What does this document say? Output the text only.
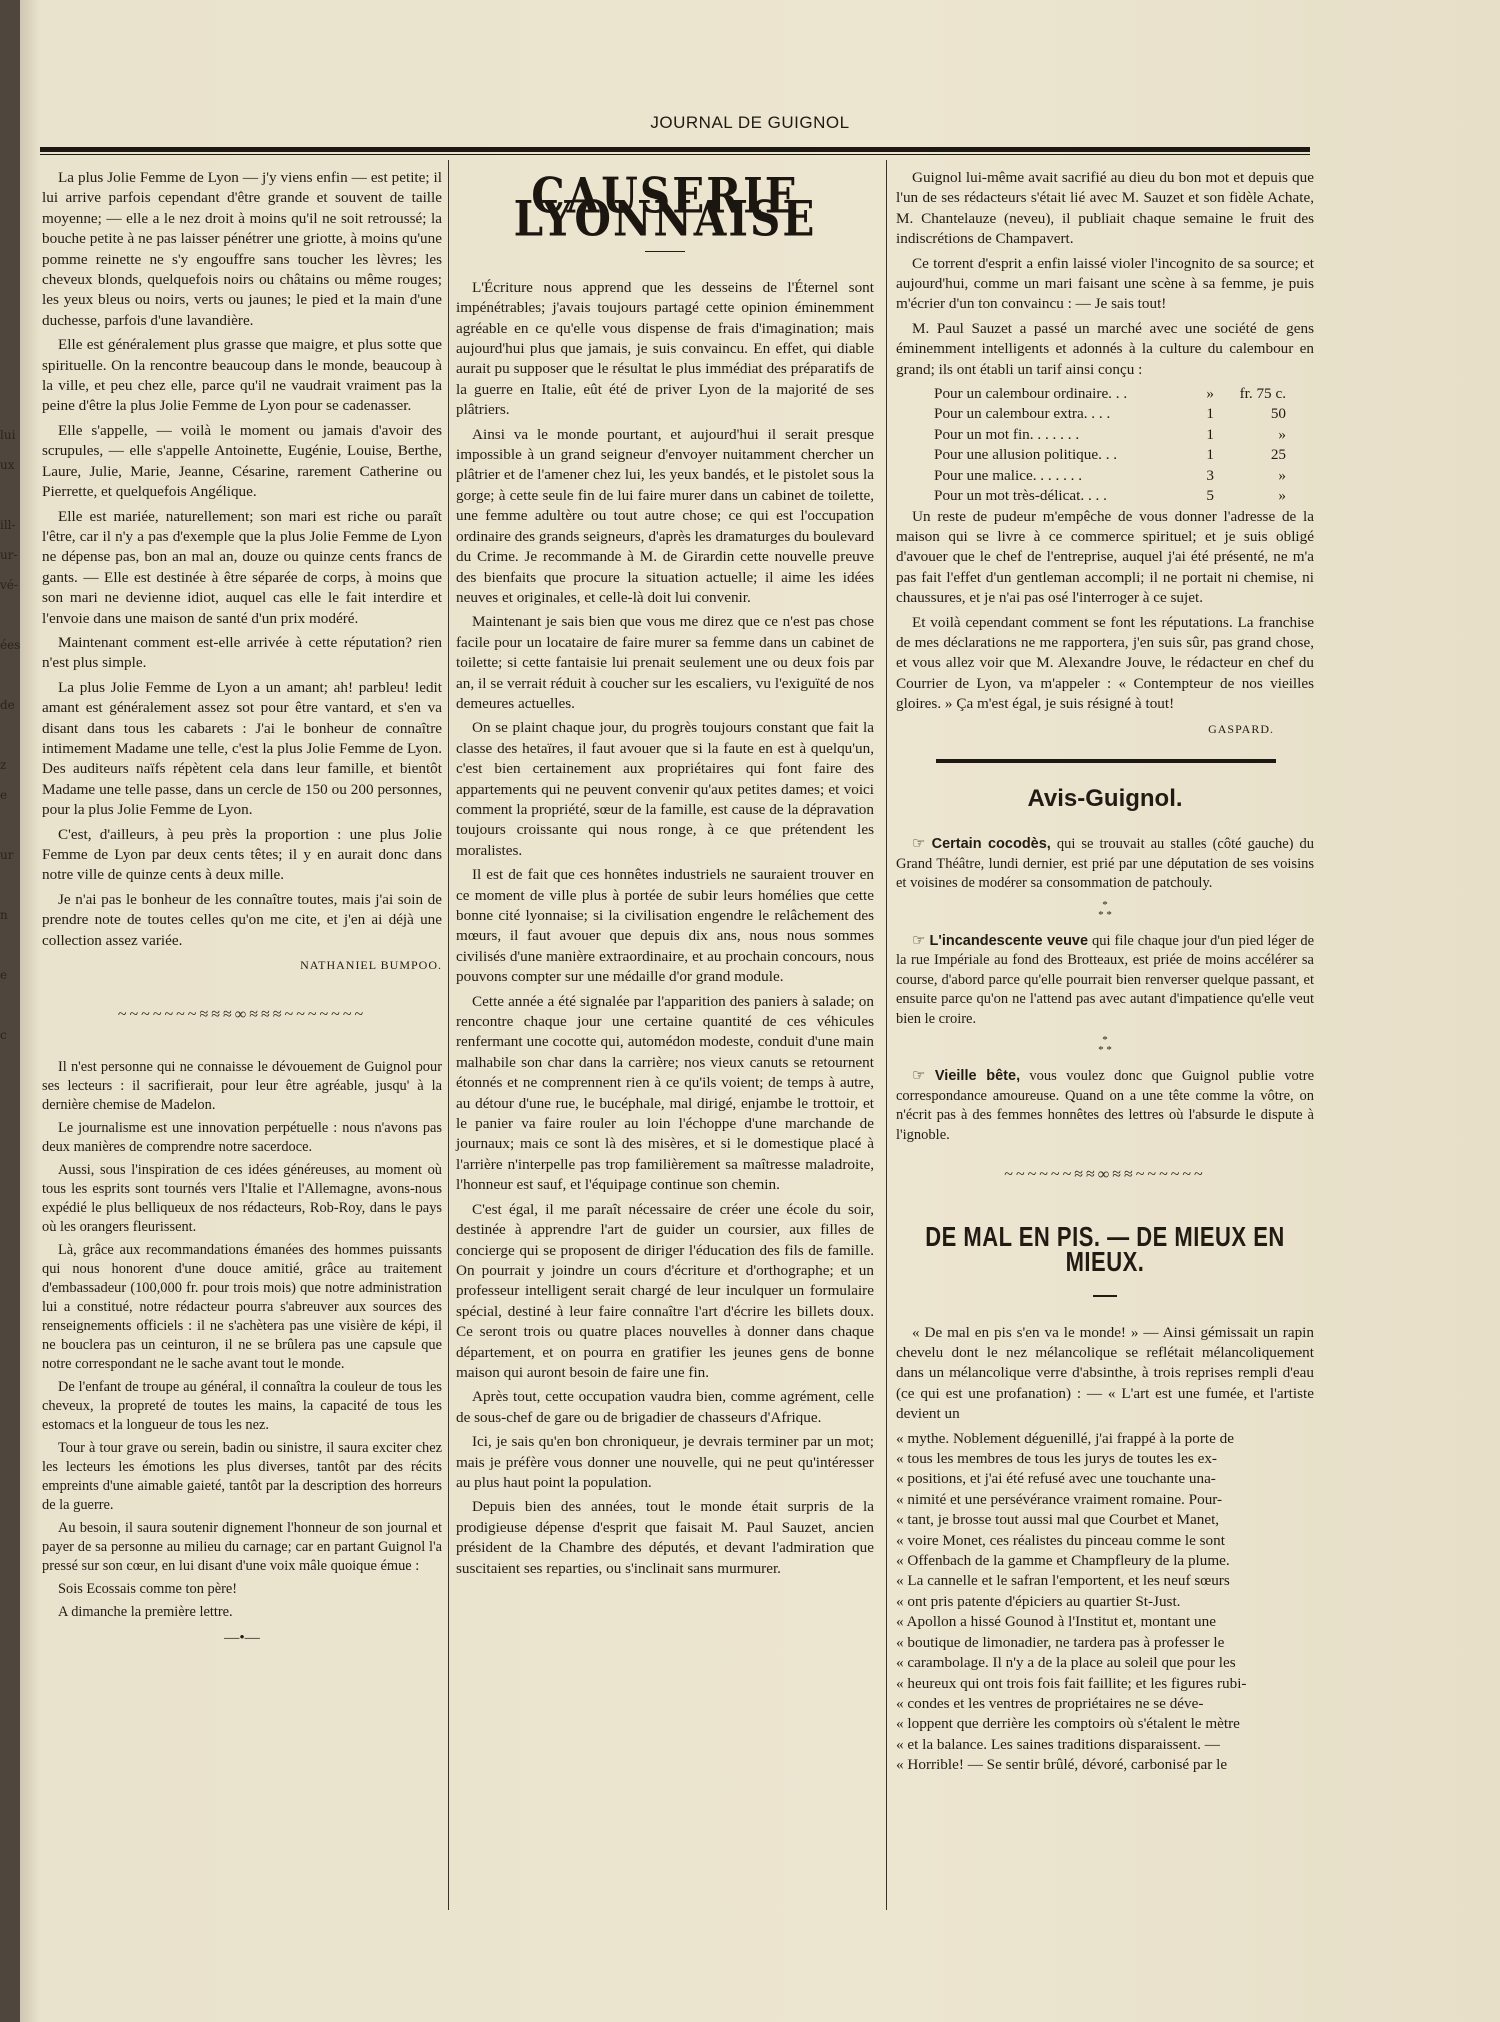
lui
ux

ill-
ur-
vé-

ées

de

z
e

ur

n

e

c
JOURNAL DE GUIGNOL

La plus Jolie Femme de Lyon — j'y viens enfin — est petite; il lui arrive parfois cependant d'être grande et souvent de taille moyenne; — elle a le nez droit à moins qu'il ne soit retroussé; la bouche petite à ne pas laisser pénétrer une griotte, à moins qu'une pomme reinette ne s'y engouffre sans toucher les lèvres; les cheveux blonds, quelquefois noirs ou châtains ou même rouges; les yeux bleus ou noirs, verts ou jaunes; le pied et la main d'une duchesse, parfois d'une lavandière.

Elle est généralement plus grasse que maigre, et plus sotte que spirituelle. On la rencontre beaucoup dans le monde, beaucoup à la ville, et peu chez elle, parce qu'il ne vaudrait vraiment pas la peine d'être la plus Jolie Femme de Lyon pour se cadenasser.

Elle s'appelle, — voilà le moment ou jamais d'avoir des scrupules, — elle s'appelle Antoinette, Eugénie, Louise, Berthe, Laure, Julie, Marie, Jeanne, Césarine, rarement Catherine ou Pierrette, et quelquefois Angélique.

Elle est mariée, naturellement; son mari est riche ou paraît l'être, car il n'y a pas d'exemple que la plus Jolie Femme de Lyon ne dépense pas, bon an mal an, douze ou quinze cents francs de gants. — Elle est destinée à être séparée de corps, à moins que son mari ne devienne idiot, auquel cas elle le fait interdire et l'envoie dans une maison de santé d'un prix modéré.

Maintenant comment est-elle arrivée à cette réputation? rien n'est plus simple.

La plus Jolie Femme de Lyon a un amant; ah! parbleu! ledit amant est généralement assez sot pour être vantard, et s'en va disant dans tous les cabarets : J'ai le bonheur de connaître intimement Madame une telle, c'est la plus Jolie Femme de Lyon. Des auditeurs naïfs répètent cela dans leur famille, et bientôt Madame une telle passe, dans un cercle de 150 ou 200 personnes, pour la plus Jolie Femme de Lyon.

C'est, d'ailleurs, à peu près la proportion : une plus Jolie Femme de Lyon par deux cents têtes; il y en aurait donc dans notre ville de quinze cents à deux mille.

Je n'ai pas le bonheur de les connaître toutes, mais j'ai soin de prendre note de toutes celles qu'on me cite, et j'en ai déjà une collection assez variée.

NATHANIEL BUMPOO.
~~~~~~~≈≈≈∞≈≈≈~~~~~~~

Il n'est personne qui ne connaisse le dévouement de Guignol pour ses lecteurs : il sacrifierait, pour leur être agréable, jusqu' à la dernière chemise de Madelon.

Le journalisme est une innovation perpétuelle : nous n'avons pas deux manières de comprendre notre sacerdoce.

Aussi, sous l'inspiration de ces idées généreuses, au moment où tous les esprits sont tournés vers l'Italie et l'Allemagne, avons-nous expédié le plus belliqueux de nos rédacteurs, Rob-Roy, dans le pays où les orangers fleurissent.

Là, grâce aux recommandations émanées des hommes puissants qui nous honorent d'une douce amitié, grâce au traitement d'embassadeur (100,000 fr. pour trois mois) que notre administration lui a constitué, notre rédacteur pourra s'abreuver aux sources des renseignements officiels : il ne s'achètera pas une visière de képi, il ne bouclera pas un ceinturon, il ne se brûlera pas une capsule que notre correspondant ne le sache avant tout le monde.

De l'enfant de troupe au général, il connaîtra la couleur de tous les cheveux, la propreté de toutes les mains, la capacité de tous les estomacs et la longueur de tous les nez.

Tour à tour grave ou serein, badin ou sinistre, il saura exciter chez les lecteurs les émotions les plus diverses, tantôt par des récits empreints d'une aimable gaieté, tantôt par la description des horreurs de la guerre.

Au besoin, il saura soutenir dignement l'honneur de son journal et payer de sa personne au milieu du carnage; car en partant Guignol l'a pressé sur son cœur, en lui disant d'une voix mâle quoique émue :

Sois Ecossais comme ton père!

A dimanche la première lettre.

—•—
CAUSERIE LYONNAISE

L'Écriture nous apprend que les desseins de l'Éternel sont impénétrables; j'avais toujours partagé cette opinion éminemment agréable en ce qu'elle vous dispense de frais d'imagination; mais aujourd'hui plus que jamais, je suis convaincu. En effet, qui diable aurait pu supposer que le résultat le plus immédiat des préparatifs de la guerre en Italie, eût été de priver Lyon de la majorité de ses plâtriers.

Ainsi va le monde pourtant, et aujourd'hui il serait presque impossible à un grand seigneur d'envoyer nuitamment chercher un plâtrier et de l'amener chez lui, les yeux bandés, et le pistolet sous la gorge; à cette seule fin de lui faire murer dans un cabinet de toilette, une femme adultère ou tout autre chose; ce qui est l'occupation ordinaire des grands seigneurs, d'après les dramaturges du boulevard du Crime. Je recommande à M. de Girardin cette nouvelle preuve des bienfaits que procure la situation actuelle; il aime les idées neuves et originales, et celle-là doit lui convenir.

Maintenant je sais bien que vous me direz que ce n'est pas chose facile pour un locataire de faire murer sa femme dans un cabinet de toilette; si cette fantaisie lui prenait seulement une ou deux fois par an, il se verrait réduit à coucher sur les escaliers, vu l'exiguïté de nos demeures actuelles.

On se plaint chaque jour, du progrès toujours constant que fait la classe des hetaïres, il faut avouer que si la faute en est à quelqu'un, c'est bien certainement aux propriétaires qui font faire des appartements qui ne peuvent convenir qu'aux petites dames; et voici comment la propriété, sœur de la famille, est cause de la dépravation toujours croissante qui nous ronge, à ce que prétendent les moralistes.

Il est de fait que ces honnêtes industriels ne sauraient trouver en ce moment de ville plus à portée de subir leurs homélies que cette bonne cité lyonnaise; si la civilisation engendre le relâchement des mœurs, il faut avouer que depuis dix ans, nous nous sommes civilisés d'une manière extraordinaire, et au prochain concours, nous pouvons compter sur une médaille d'or grand module.

Cette année a été signalée par l'apparition des paniers à salade; on rencontre chaque jour une certaine quantité de ces véhicules renfermant une cocotte qui, automédon modeste, conduit d'une main malhabile son char dans la carrière; nos vieux canuts se retournent étonnés et ne comprennent rien à ce qu'ils voient; de temps à autre, au détour d'une rue, le bucéphale, mal dirigé, enjambe le trottoir, et le panier va faire rouler au loin l'échoppe d'une marchande de journaux; mais ce sont là des misères, et si le domestique placé à l'arrière n'interpelle pas trop familièrement sa maîtresse maladroite, l'honneur est sauf, et l'équipage continue son chemin.

C'est égal, il me paraît nécessaire de créer une école du soir, destinée à apprendre l'art de guider un coursier, aux filles de concierge qui se proposent de diriger l'éducation des fils de famille. On pourrait y joindre un cours d'écriture et d'orthographe; et un professeur intelligent serait chargé de leur inculquer un formulaire spécial, destiné à leur faire connaître l'art d'écrire les billets doux. Ce seront trois ou quatre places nouvelles à donner dans chaque département, et on pourra en gratifier les jeunes gens de bonne maison qui auront besoin de faire une fin.

Après tout, cette occupation vaudra bien, comme agrément, celle de sous-chef de gare ou de brigadier de chasseurs d'Afrique.

Ici, je sais qu'en bon chroniqueur, je devrais terminer par un mot; mais je préfère vous donner une nouvelle, qui ne peut qu'intéresser au plus haut point la population.

Depuis bien des années, tout le monde était surpris de la prodigieuse dépense d'esprit que faisait M. Paul Sauzet, ancien président de la Chambre des députés, et devant l'admiration que suscitaient ses reparties, ou s'inclinait sans murmurer.

Guignol lui-même avait sacrifié au dieu du bon mot et depuis que l'un de ses rédacteurs s'était lié avec M. Sauzet et son fidèle Achate, M. Chantelauze (neveu), il publiait chaque semaine le fruit des indiscrétions de Champavert.

Ce torrent d'esprit a enfin laissé violer l'incognito de sa source; et aujourd'hui, comme un mari faisant une scène à sa femme, je puis m'écrier d'un ton convaincu : — Je sais tout!

M. Paul Sauzet a passé un marché avec une société de gens éminemment intelligents et adonnés à la culture du calembour en grand; ils ont établi un tarif ainsi conçu :

Pour un calembour ordinaire. . .	»	fr. 75 c.
Pour un calembour extra. . . .	1	50
Pour un mot fin. . . . . . .	1	»
Pour une allusion politique. . .	1	25
Pour une malice. . . . . . .	3	»
Pour un mot très-délicat. . . .	5	»

Un reste de pudeur m'empêche de vous donner l'adresse de la maison qui se livre à ce commerce spirituel; et je suis obligé d'avouer que le chef de l'entreprise, auquel j'ai été présenté, ne m'a pas fait l'effet d'un gentleman accompli; il ne portait ni chemise, ni chaussures, et je n'ai pas osé l'interroger à ce sujet.

Et voilà cependant comment se font les réputations. La franchise de mes déclarations ne me rapportera, j'en suis sûr, pas grand chose, et vous allez voir que M. Alexandre Jouve, le rédacteur en chef du Courrier de Lyon, va m'appeler : « Contempteur de nos vieilles gloires. » Ça m'est égal, je suis résigné à tout!

GASPARD.
Avis-Guignol.

☞ Certain cocodès, qui se trouvait au stalles (côté gauche) du Grand Théâtre, lundi dernier, est prié par une députation de ses voisins et voisines de modérer sa consommation de patchouly.

*
* *

☞ L'incandescente veuve qui file chaque jour d'un pied léger de la rue Impériale au fond des Brotteaux, est priée de moins accélérer sa course, d'abord parce qu'elle pourrait bien renverser quelque passant, et ensuite parce qu'on ne l'attend pas avec autant d'impatience qu'elle veut bien le croire.

*
* *

☞ Vieille bête, vous voulez donc que Guignol publie votre correspondance amoureuse. Quand on a une tête comme la vôtre, on n'écrit pas à des femmes honnêtes des lettres où l'absurde le dispute à l'ignoble.

~~~~~~≈≈∞≈≈~~~~~~
DE MAL EN PIS. — DE MIEUX EN MIEUX.

« De mal en pis s'en va le monde! » — Ainsi gémissait un rapin chevelu dont le nez mélancolique se reflétait mélancoliquement dans un mélancolique verre d'absinthe, à trois reprises rempli d'eau (ce qui est une profanation) : — « L'art est une fumée, et l'artiste devient un

« mythe. Noblement déguenillé, j'ai frappé à la porte de
« tous les membres de tous les jurys de toutes les ex-
« positions, et j'ai été refusé avec une touchante una-
« nimité et une persévérance vraiment romaine. Pour-
« tant, je brosse tout aussi mal que Courbet et Manet,
« voire Monet, ces réalistes du pinceau comme le sont
« Offenbach de la gamme et Champfleury de la plume.
« La cannelle et le safran l'emportent, et les neuf sœurs
« ont pris patente d'épiciers au quartier St-Just.
« Apollon a hissé Gounod à l'Institut et, montant une
« boutique de limonadier, ne tardera pas à professer le
« carambolage. Il n'y a de la place au soleil que pour les
« heureux qui ont trois fois fait faillite; et les figures rubi-
« condes et les ventres de propriétaires ne se déve-
« loppent que derrière les comptoirs où s'étalent le mètre
« et la balance. Les saines traditions disparaissent. —
« Horrible! — Se sentir brûlé, dévoré, carbonisé par le
